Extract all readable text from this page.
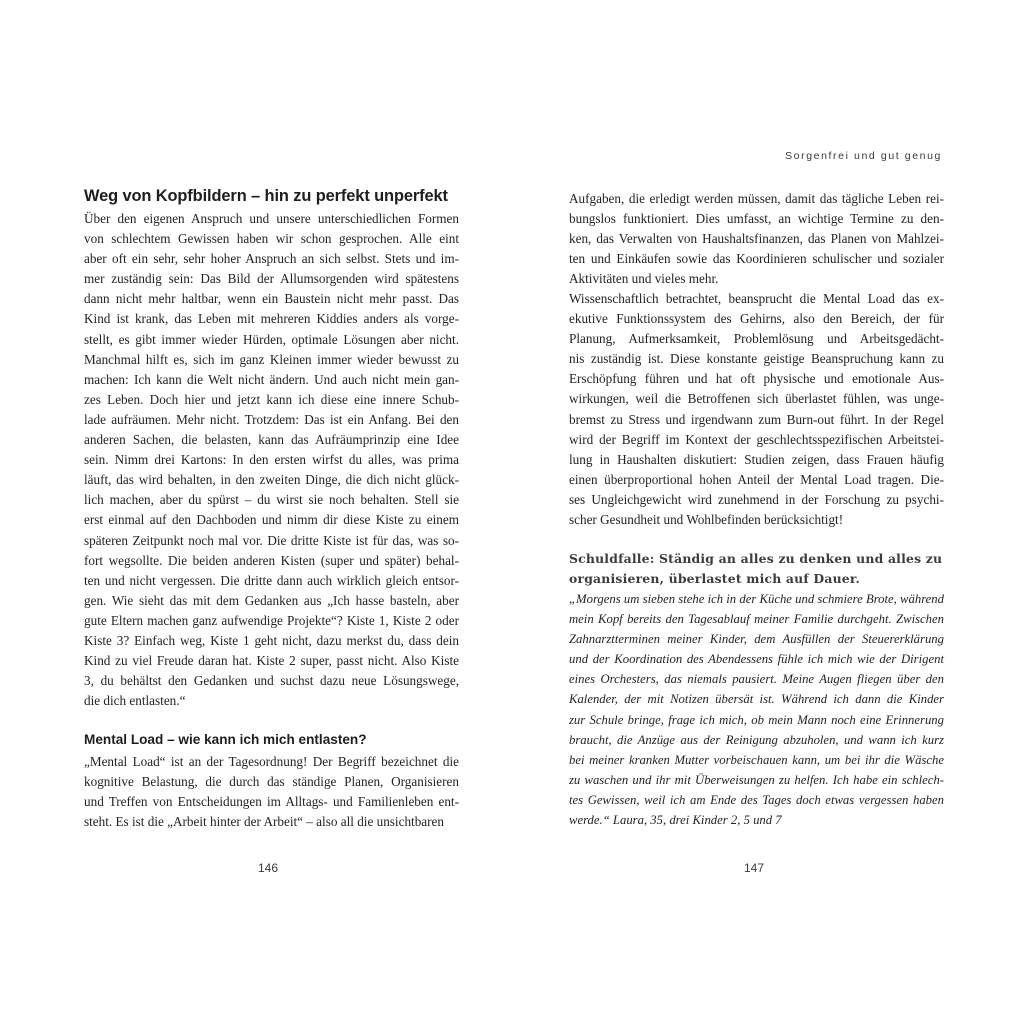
Weg von Kopfbildern – hin zu perfekt unperfekt

Über den eigenen Anspruch und unsere unterschiedlichen Formen
von schlechtem Gewissen haben wir schon gesprochen. Alle eint
aber oft ein sehr, sehr hoher Anspruch an sich selbst. Stets und im-
mer zuständig sein: Das Bild der Allumsorgenden wird spätestens
dann nicht mehr haltbar, wenn ein Baustein nicht mehr passt. Das
Kind ist krank, das Leben mit mehreren Kiddies anders als vorge-
stellt, es gibt immer wieder Hürden, optimale Lösungen aber nicht.
Manchmal hilft es, sich im ganz Kleinen immer wieder bewusst zu
machen: Ich kann die Welt nicht ändern. Und auch nicht mein gan-
zes Leben. Doch hier und jetzt kann ich diese eine innere Schub-
lade aufräumen. Mehr nicht. Trotzdem: Das ist ein Anfang. Bei den
anderen Sachen, die belasten, kann das Aufräumprinzip eine Idee
sein. Nimm drei Kartons: In den ersten wirfst du alles, was prima
läuft, das wird behalten, in den zweiten Dinge, die dich nicht glück-
lich machen, aber du spürst – du wirst sie noch behalten. Stell sie
erst einmal auf den Dachboden und nimm dir diese Kiste zu einem
späteren Zeitpunkt noch mal vor. Die dritte Kiste ist für das, was so-
fort wegsollte. Die beiden anderen Kisten (super und später) behal-
ten und nicht vergessen. Die dritte dann auch wirklich gleich entsor-
gen. Wie sieht das mit dem Gedanken aus „Ich hasse basteln, aber
gute Eltern machen ganz aufwendige Projekte“? Kiste 1, Kiste 2 oder
Kiste 3? Einfach weg, Kiste 1 geht nicht, dazu merkst du, dass dein
Kind zu viel Freude daran hat. Kiste 2 super, passt nicht. Also Kiste
3, du behältst den Gedanken und suchst dazu neue Lösungswege,
die dich entlasten.“

Mental Load – wie kann ich mich entlasten?

„Mental Load“ ist an der Tagesordnung! Der Begriff bezeichnet die
kognitive Belastung, die durch das ständige Planen, Organisieren
und Treffen von Entscheidungen im Alltags- und Familienleben ent-
steht. Es ist die „Arbeit hinter der Arbeit“ – also all die unsichtbaren

146
Sorgenfrei und gut genug

Aufgaben, die erledigt werden müssen, damit das tägliche Leben rei-
bungslos funktioniert. Dies umfasst, an wichtige Termine zu den-
ken, das Verwalten von Haushaltsfinanzen, das Planen von Mahlzei-
ten und Einkäufen sowie das Koordinieren schulischer und sozialer
Aktivitäten und vieles mehr.

Wissenschaftlich betrachtet, beansprucht die Mental Load das ex-
ekutive Funktionssystem des Gehirns, also den Bereich, der für
Planung, Aufmerksamkeit, Problemlösung und Arbeitsgedächt-
nis zuständig ist. Diese konstante geistige Beanspruchung kann zu
Erschöpfung führen und hat oft physische und emotionale Aus-
wirkungen, weil die Betroffenen sich überlastet fühlen, was unge-
bremst zu Stress und irgendwann zum Burn-out führt. In der Regel
wird der Begriff im Kontext der geschlechtsspezifischen Arbeitstei-
lung in Haushalten diskutiert: Studien zeigen, dass Frauen häufig
einen überproportional hohen Anteil der Mental Load tragen. Die-
ses Ungleichgewicht wird zunehmend in der Forschung zu psychi-
scher Gesundheit und Wohlbefinden berücksichtigt!

Schuldfalle: Ständig an alles zu denken und alles zu
organisieren, überlastet mich auf Dauer.
„Morgens um sieben stehe ich in der Küche und schmiere Brote, während
mein Kopf bereits den Tagesablauf meiner Familie durchgeht. Zwischen
Zahnarztterminen meiner Kinder, dem Ausfüllen der Steuererklärung
und der Koordination des Abendessens fühle ich mich wie der Dirigent
eines Orchesters, das niemals pausiert. Meine Augen fliegen über den
Kalender, der mit Notizen übersät ist. Während ich dann die Kinder
zur Schule bringe, frage ich mich, ob mein Mann noch eine Erinnerung
braucht, die Anzüge aus der Reinigung abzuholen, und wann ich kurz
bei meiner kranken Mutter vorbeischauen kann, um bei ihr die Wäsche
zu waschen und ihr mit Überweisungen zu helfen. Ich habe ein schlech-
tes Gewissen, weil ich am Ende des Tages doch etwas vergessen haben
werde.“ Laura, 35, drei Kinder 2, 5 und 7
147
